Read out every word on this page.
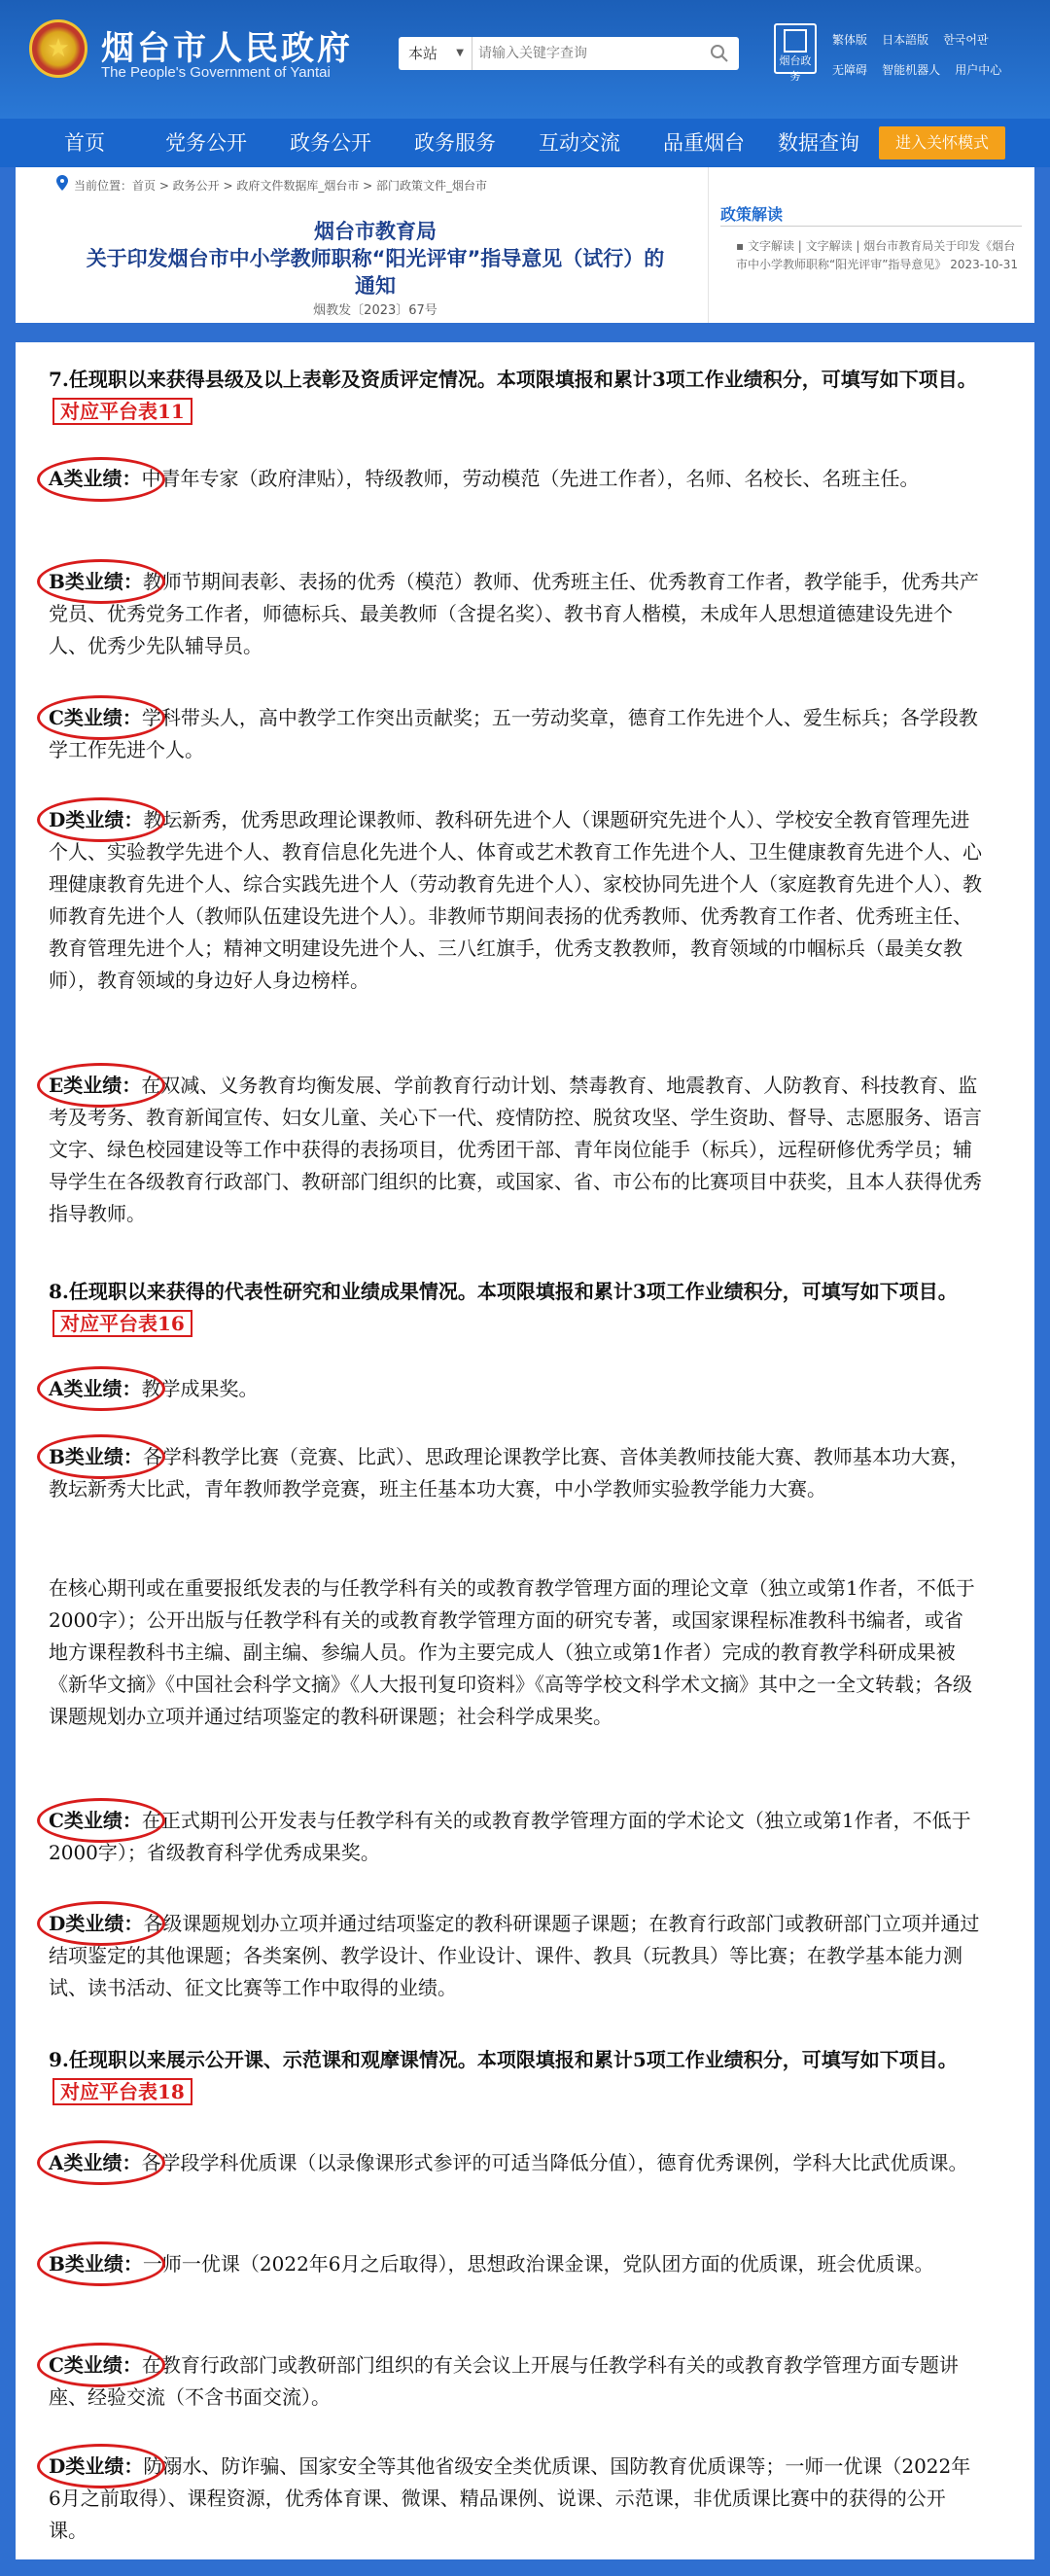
★ 烟台市人民政府
The People's Government of Yantai
本站 ▼
请输入关键字查询
烟台政务
繁体版 日本語版 한국어판 无障碍 智能机器人 用户中心
首页	党务公开 政务公开 政务服务 互动交流 品重烟台 数据查询	进入关怀模式
当前位置：首页 > 政务公开 > 政府文件数据库_烟台市 > 部门政策文件_烟台市
烟台市教育局
关于印发烟台市中小学教师职称“阳光评审”指导意见（试行）的
通知
烟教发〔2023〕67号
政策解读
▪ 文字解读 | 文字解读 | 烟台市教育局关于印发《烟台市中小学教师职称“阳光评审”指导意见》 2023-10-31
7.任现职以来获得县级及以上表彰及资质评定情况。本项限填报和累计3项工作业绩积分，可填写如下项目。对应平台表11
A类业绩：中青年专家（政府津贴），特级教师，劳动模范（先进工作者），名师、名校长、名班主任。
B类业绩：教师节期间表彰、表扬的优秀（模范）教师、优秀班主任、优秀教育工作者，教学能手，优秀共产党员、优秀党务工作者，师德标兵、最美教师（含提名奖）、教书育人楷模，未成年人思想道德建设先进个人、优秀少先队辅导员。
C类业绩：学科带头人，高中教学工作突出贡献奖；五一劳动奖章，德育工作先进个人、爱生标兵；各学段教学工作先进个人。
D类业绩：教坛新秀，优秀思政理论课教师、教科研先进个人（课题研究先进个人）、学校安全教育管理先进个人、实验教学先进个人、教育信息化先进个人、体育或艺术教育工作先进个人、卫生健康教育先进个人、心理健康教育先进个人、综合实践先进个人（劳动教育先进个人）、家校协同先进个人（家庭教育先进个人）、教师教育先进个人（教师队伍建设先进个人）。非教师节期间表扬的优秀教师、优秀教育工作者、优秀班主任、教育管理先进个人；精神文明建设先进个人、三八红旗手，优秀支教教师，教育领域的巾帼标兵（最美女教师），教育领域的身边好人身边榜样。
E类业绩：在双减、义务教育均衡发展、学前教育行动计划、禁毒教育、地震教育、人防教育、科技教育、监考及考务、教育新闻宣传、妇女儿童、关心下一代、疫情防控、脱贫攻坚、学生资助、督导、志愿服务、语言文字、绿色校园建设等工作中获得的表扬项目，优秀团干部、青年岗位能手（标兵），远程研修优秀学员；辅导学生在各级教育行政部门、教研部门组织的比赛，或国家、省、市公布的比赛项目中获奖，且本人获得优秀指导教师。
8.任现职以来获得的代表性研究和业绩成果情况。本项限填报和累计3项工作业绩积分，可填写如下项目。对应平台表16
A类业绩：教学成果奖。
B类业绩：各学科教学比赛（竞赛、比武）、思政理论课教学比赛、音体美教师技能大赛、教师基本功大赛，教坛新秀大比武，青年教师教学竞赛，班主任基本功大赛，中小学教师实验教学能力大赛。
在核心期刊或在重要报纸发表的与任教学科有关的或教育教学管理方面的理论文章（独立或第1作者，不低于2000字）；公开出版与任教学科有关的或教育教学管理方面的研究专著，或国家课程标准教科书编者，或省地方课程教科书主编、副主编、参编人员。作为主要完成人（独立或第1作者）完成的教育教学科研成果被《新华文摘》《中国社会科学文摘》《人大报刊复印资料》《高等学校文科学术文摘》其中之一全文转载；各级课题规划办立项并通过结项鉴定的教科研课题；社会科学成果奖。
C类业绩：在正式期刊公开发表与任教学科有关的或教育教学管理方面的学术论文（独立或第1作者，不低于2000字）；省级教育科学优秀成果奖。
D类业绩：各级课题规划办立项并通过结项鉴定的教科研课题子课题；在教育行政部门或教研部门立项并通过结项鉴定的其他课题；各类案例、教学设计、作业设计、课件、教具（玩教具）等比赛；在教学基本能力测试、读书活动、征文比赛等工作中取得的业绩。
9.任现职以来展示公开课、示范课和观摩课情况。本项限填报和累计5项工作业绩积分，可填写如下项目。对应平台表18
A类业绩：各学段学科优质课（以录像课形式参评的可适当降低分值），德育优秀课例，学科大比武优质课。
B类业绩：一师一优课（2022年6月之后取得），思想政治课金课，党队团方面的优质课，班会优质课。
C类业绩：在教育行政部门或教研部门组织的有关会议上开展与任教学科有关的或教育教学管理方面专题讲座、经验交流（不含书面交流）。
D类业绩：防溺水、防诈骗、国家安全等其他省级安全类优质课、国防教育优质课等；一师一优课（2022年6月之前取得）、课程资源，优秀体育课、微课、精品课例、说课、示范课，非优质课比赛中的获得的公开课。
